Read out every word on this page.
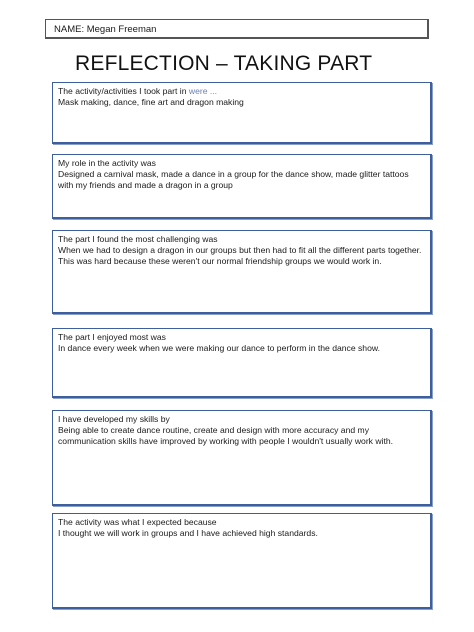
NAME: Megan Freeman
REFLECTION – TAKING PART
The activity/activities I took part in were ...
Mask making, dance, fine art and dragon making
My role in the activity was
Designed a carnival mask, made a dance in a group for the dance show, made glitter tattoos with my friends and made a dragon in a group
The part I found the most challenging was
When we had to design a dragon in our groups but then had to fit all the different parts together. This was hard because these weren't our normal friendship groups we would work in.
The part I enjoyed most was
In dance every week when we were making our dance to perform in the dance show.
I have developed my skills by
Being able to create dance routine, create and design with more accuracy and my communication skills have improved by working with people I wouldn't usually work with.
The activity was what I expected because
I thought we will work in groups and I have achieved high standards.
